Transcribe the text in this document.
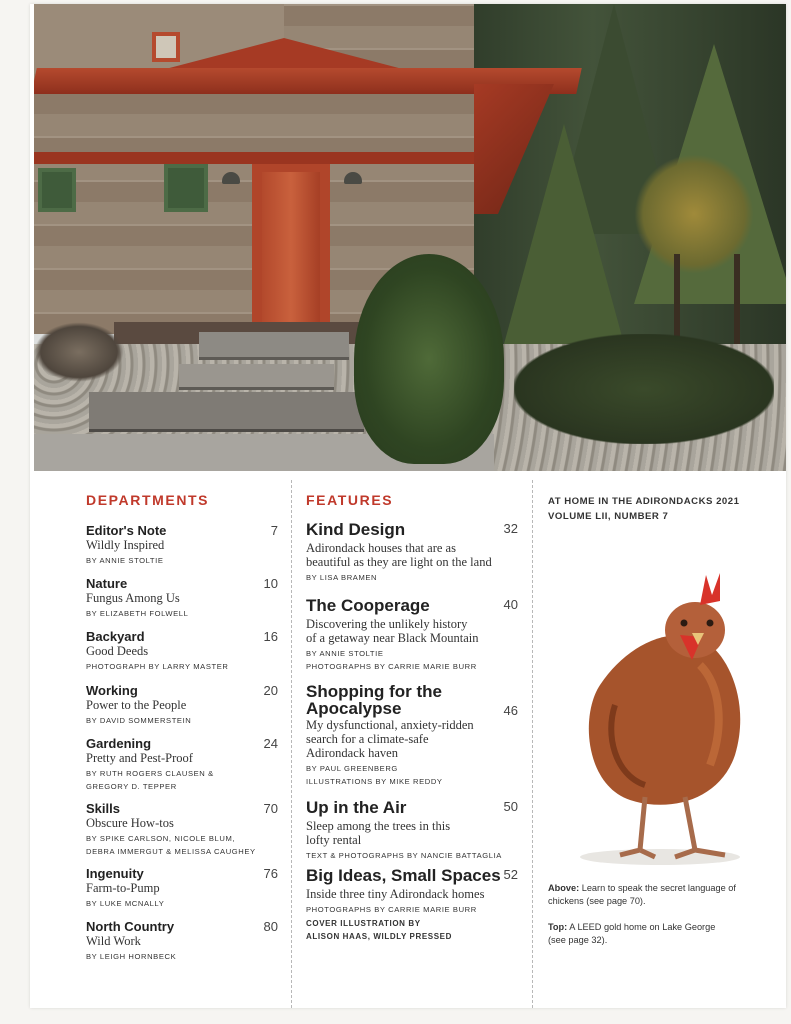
DEPARTMENTS
Editor's Note
Wildly Inspired
BY ANNIE STOLTIE
7
Nature
Fungus Among Us
BY ELIZABETH FOLWELL
10
Backyard
Good Deeds
PHOTOGRAPH BY LARRY MASTER
16
Working
Power to the People
BY DAVID SOMMERSTEIN
20
Gardening
Pretty and Pest-Proof
BY RUTH ROGERS CLAUSEN &
GREGORY D. TEPPER
24
Skills
Obscure How-tos
BY SPIKE CARLSON, NICOLE BLUM,
DEBRA IMMERGUT & MELISSA CAUGHEY
70
Ingenuity
Farm-to-Pump
BY LUKE MCNALLY
76
North Country
Wild Work
BY LEIGH HORNBECK
80
FEATURES
Kind Design
Adirondack houses that are as
beautiful as they are light on the land
BY LISA BRAMEN
32
The Cooperage
Discovering the unlikely history
of a getaway near Black Mountain
BY ANNIE STOLTIE
PHOTOGRAPHS BY CARRIE MARIE BURR
40
Shopping for the
Apocalypse
My dysfunctional, anxiety-ridden
search for a climate-safe
Adirondack haven
BY PAUL GREENBERG
ILLUSTRATIONS BY MIKE REDDY
46
Up in the Air
Sleep among the trees in this
lofty rental
TEXT & PHOTOGRAPHS BY NANCIE BATTAGLIA
50
Big Ideas, Small Spaces
Inside three tiny Adirondack homes
PHOTOGRAPHS BY CARRIE MARIE BURR
52
COVER ILLUSTRATION BY
ALISON HAAS, WILDLY PRESSED
AT HOME IN THE ADIRONDACKS 2021
VOLUME LII, NUMBER 7
Above: Learn to speak the secret language of
chickens (see page 70).
Top: A LEED gold home on Lake George
(see page 32).
